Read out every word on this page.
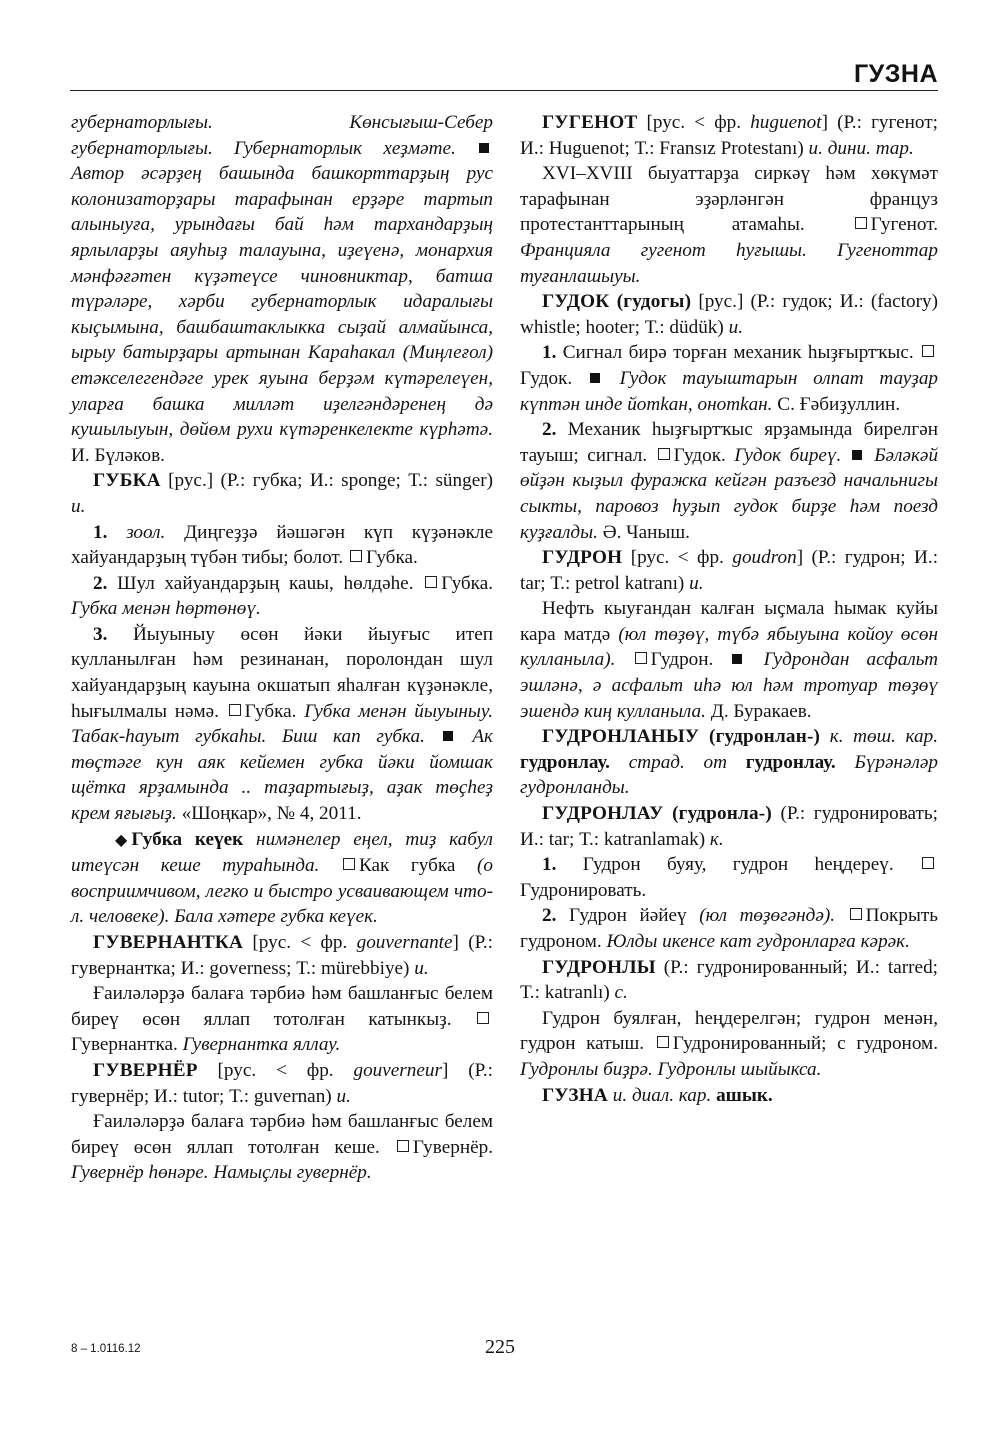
ГУЗНА

губернаторлығы. Көнсығыш-Себер губернаторлығы. Губернаторлык хеҙмәте.  Автор әсәрҙең башында башкорттарҙың рус колонизаторҙары тарафынан ерҙәре тартып алыныуға, урындағы бай һәм тархандарҙың ярлыларҙы аяуһыҙ талауына, иҙеүенә, монархия мәнфәғәтен күҙәтеүсе чиновниктар, батша түрәләре, хәрби губернаторлык идаралығы кыҫымына, башбаштаклыкка сыҙай алмайынса, ырыу батырҙары артынан Караһакал (Миңлеғол) етәкселегендәге урек яуына берҙәм күтәрелеүен, уларға башка милләт иҙелгәндәренең дә кушылыуын, дөйөм рухи күтәренкелекте күрһәтә. И. Бүләков.

ГУБКА [рус.] (Р.: губка; И.: sponge; Т.: sünger) и.

1. зоол. Диңгеҙҙә йәшәгән күп күҙәнәкле хайуандарҙың түбән тибы; болот. Губка.

2. Шул хайуандарҙың каuы, һөлдәhe. Губка. Губка менән һөртөнөү.

3. Йыуыныу өсөн йәки йыуғыс итеп кулланылған һәм резинанан, поролондан шул хайуандарҙың кауына окшатып яһалған күҙәнәкле, һығылмалы нәмә. Губка. Губка менән йыуыныу. Табак-һауыт губкаһы. Биш кап губка. Ак төҫтәге кун аяк кейемен губка йәки йомшак щётка ярҙамында .. таҙартығыҙ, аҙак төҫһеҙ крем яғығыҙ. «Шоңкар», № 4, 2011.

◆ Губка кеүек нимәнелер еңел, тиҙ кабул итеүсән кеше тураһында. Как губка (о восприимчивом, легко и быстро усваивающем что-л. человеке). Бала хәтере губка кеүек.

ГУВЕРНАНТКА [рус. < фр. gouvernante] (Р.: гувернантка; И.: governess; Т.: mürebbiye) и.

Ғаиләләрҙә балаға тәрбиә һәм башланғыс белем биреү өсөн яллап тотолған катынкыҙ. Гувернантка. Гувернантка яллау.

ГУВЕРНЁР [рус. < фр. gouverneur] (Р.: гувернёр; И.: tutor; Т.: guvernan) и.

Ғаиләләрҙә балаға тәрбиә һәм башланғыс белем биреү өсөн яллап тотолған кеше. Гувернёр. Гувернёр һөнәре. Намыҫлы гувернёр.

ГУГЕНОТ [рус. < фр. huguenot] (Р.: гугенот; И.: Huguenot; Т.: Fransız Protestanı) и. дини. тар.

XVI–XVIII быуаттарҙа сиркәү һәм хөкүмәт тарафынан эҙәрләнгән француз протестанттарының атамаһы.	Гугенот. Францияла гугенот һуғышы. Гугеноттар туғанлашыуы.

ГУДОК (гудогы) [рус.] (Р.: гудок; И.: (factory) whistle; hooter; Т.: düdük) и.

1. Сигнал бирә торған механик һыҙғыртҡыс. Гудок. Гудок тауыштарын олпат тауҙар күптән инде йотkан, онотkан. С. Ғәбиҙуллин.

2. Механик һыҙғыртҡыс ярҙамында бирелгән тауыш; сигнал. Гудок. Гудок биреү. Бәләкәй өйҙән кыҙыл фуражка кейгән разъезд начальнигы сыкты, паровоз һуҙып гудок бирҙе һәм поезд куҙғалды. Ә. Чаныш.

ГУДРОН [рус. < фр. goudron] (Р.: гудрон; И.: tar; Т.: petrol katranı) и.

Нефть кыуғандан калған ыҫмала һымак куйы кара матдә (юл төҙөү, түбә ябыуына койоу өсөн кулланыла). Гудрон.	Гудрондан асфальт эшләнә, ә асфальт иһә юл һәм тротуар төҙөү эшендә киң кулланыла. Д. Буракаев.

ГУДРОНЛАНЫУ (гудронлан-) к. төш. кар. гудронлау. страд. от гудронлау. Бүрәнәләр гудронланды.

ГУДРОНЛАУ (гудронла-) (Р.: гудронировать; И.: tar; Т.: katranlamak) к.

1. Гудрон буяу, гудрон һеңдереү. Гудронировать.

2. Гудрон йәйеү (юл төҙөгәндә). Покрыть гудроном. Юлды икенсе кат гудронларға кәрәк.

ГУДРОНЛЫ (Р.: гудронированный; И.: tarred; Т.: katranlı) с.

Гудрон буялған, һеңдерелгән; гудрон менән, гудрон катыш. Гудронированный; с гудроном. Гудронлы биҙрә. Гудронлы шыйыкса.

ГУЗНА и. диал. кар. ашык.

8 – 1.0116.12	225
